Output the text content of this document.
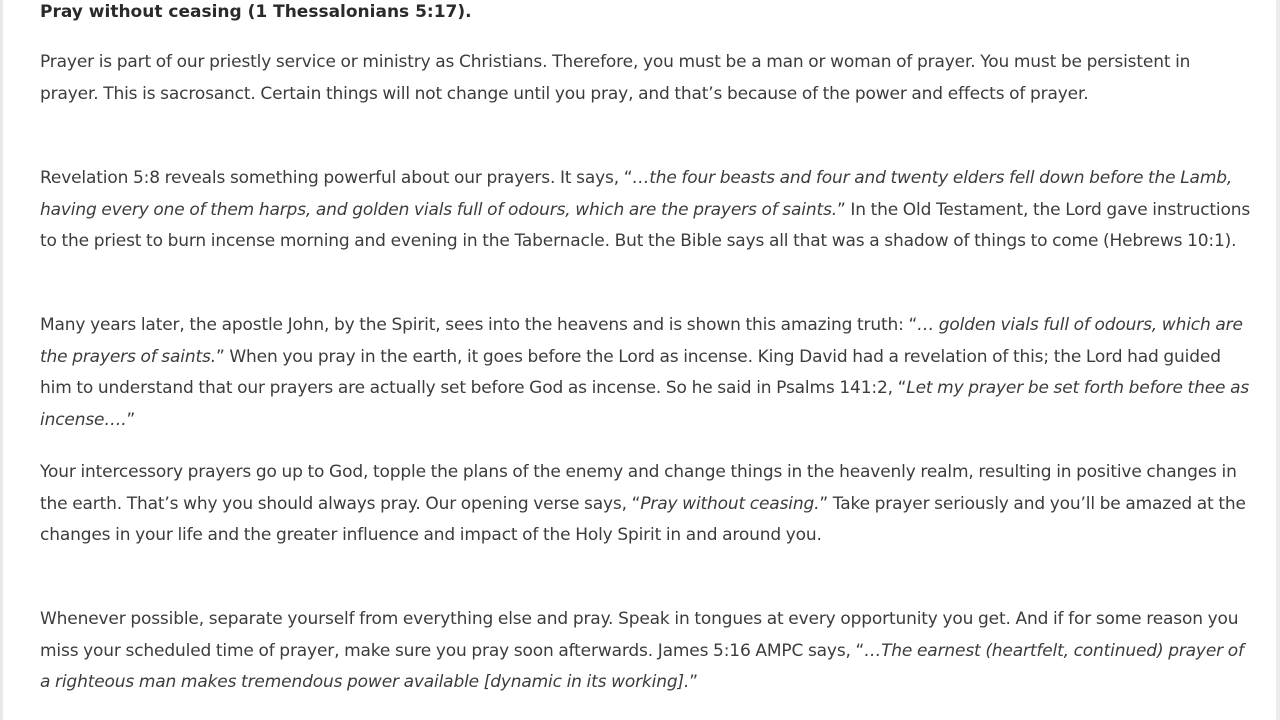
Pray without ceasing (1 Thessalonians 5:17).

Prayer is part of our priestly service or ministry as Christians. Therefore, you must be a man or woman of prayer. You must be persistent in prayer. This is sacrosanct. Certain things will not change until you pray, and that’s because of the power and effects of prayer.

Revelation 5:8 reveals something powerful about our prayers. It says, “…the four beasts and four and twenty elders fell down before the Lamb, having every one of them harps, and golden vials full of odours, which are the prayers of saints.” In the Old Testament, the Lord gave instructions to the priest to burn incense morning and evening in the Tabernacle. But the Bible says all that was a shadow of things to come (Hebrews 10:1).

Many years later, the apostle John, by the Spirit, sees into the heavens and is shown this amazing truth: “… golden vials full of odours, which are the prayers of saints.” When you pray in the earth, it goes before the Lord as incense. King David had a revelation of this; the Lord had guided him to understand that our prayers are actually set before God as incense. So he said in Psalms 141:2, “Let my prayer be set forth before thee as incense….”

Your intercessory prayers go up to God, topple the plans of the enemy and change things in the heavenly realm, resulting in positive changes in the earth. That’s why you should always pray. Our opening verse says, “Pray without ceasing.” Take prayer seriously and you’ll be amazed at the changes in your life and the greater influence and impact of the Holy Spirit in and around you.

Whenever possible, separate yourself from everything else and pray. Speak in tongues at every opportunity you get. And if for some reason you miss your scheduled time of prayer, make sure you pray soon afterwards. James 5:16 AMPC says, “…The earnest (heartfelt, continued) prayer of a righteous man makes tremendous power available [dynamic in its working].”
